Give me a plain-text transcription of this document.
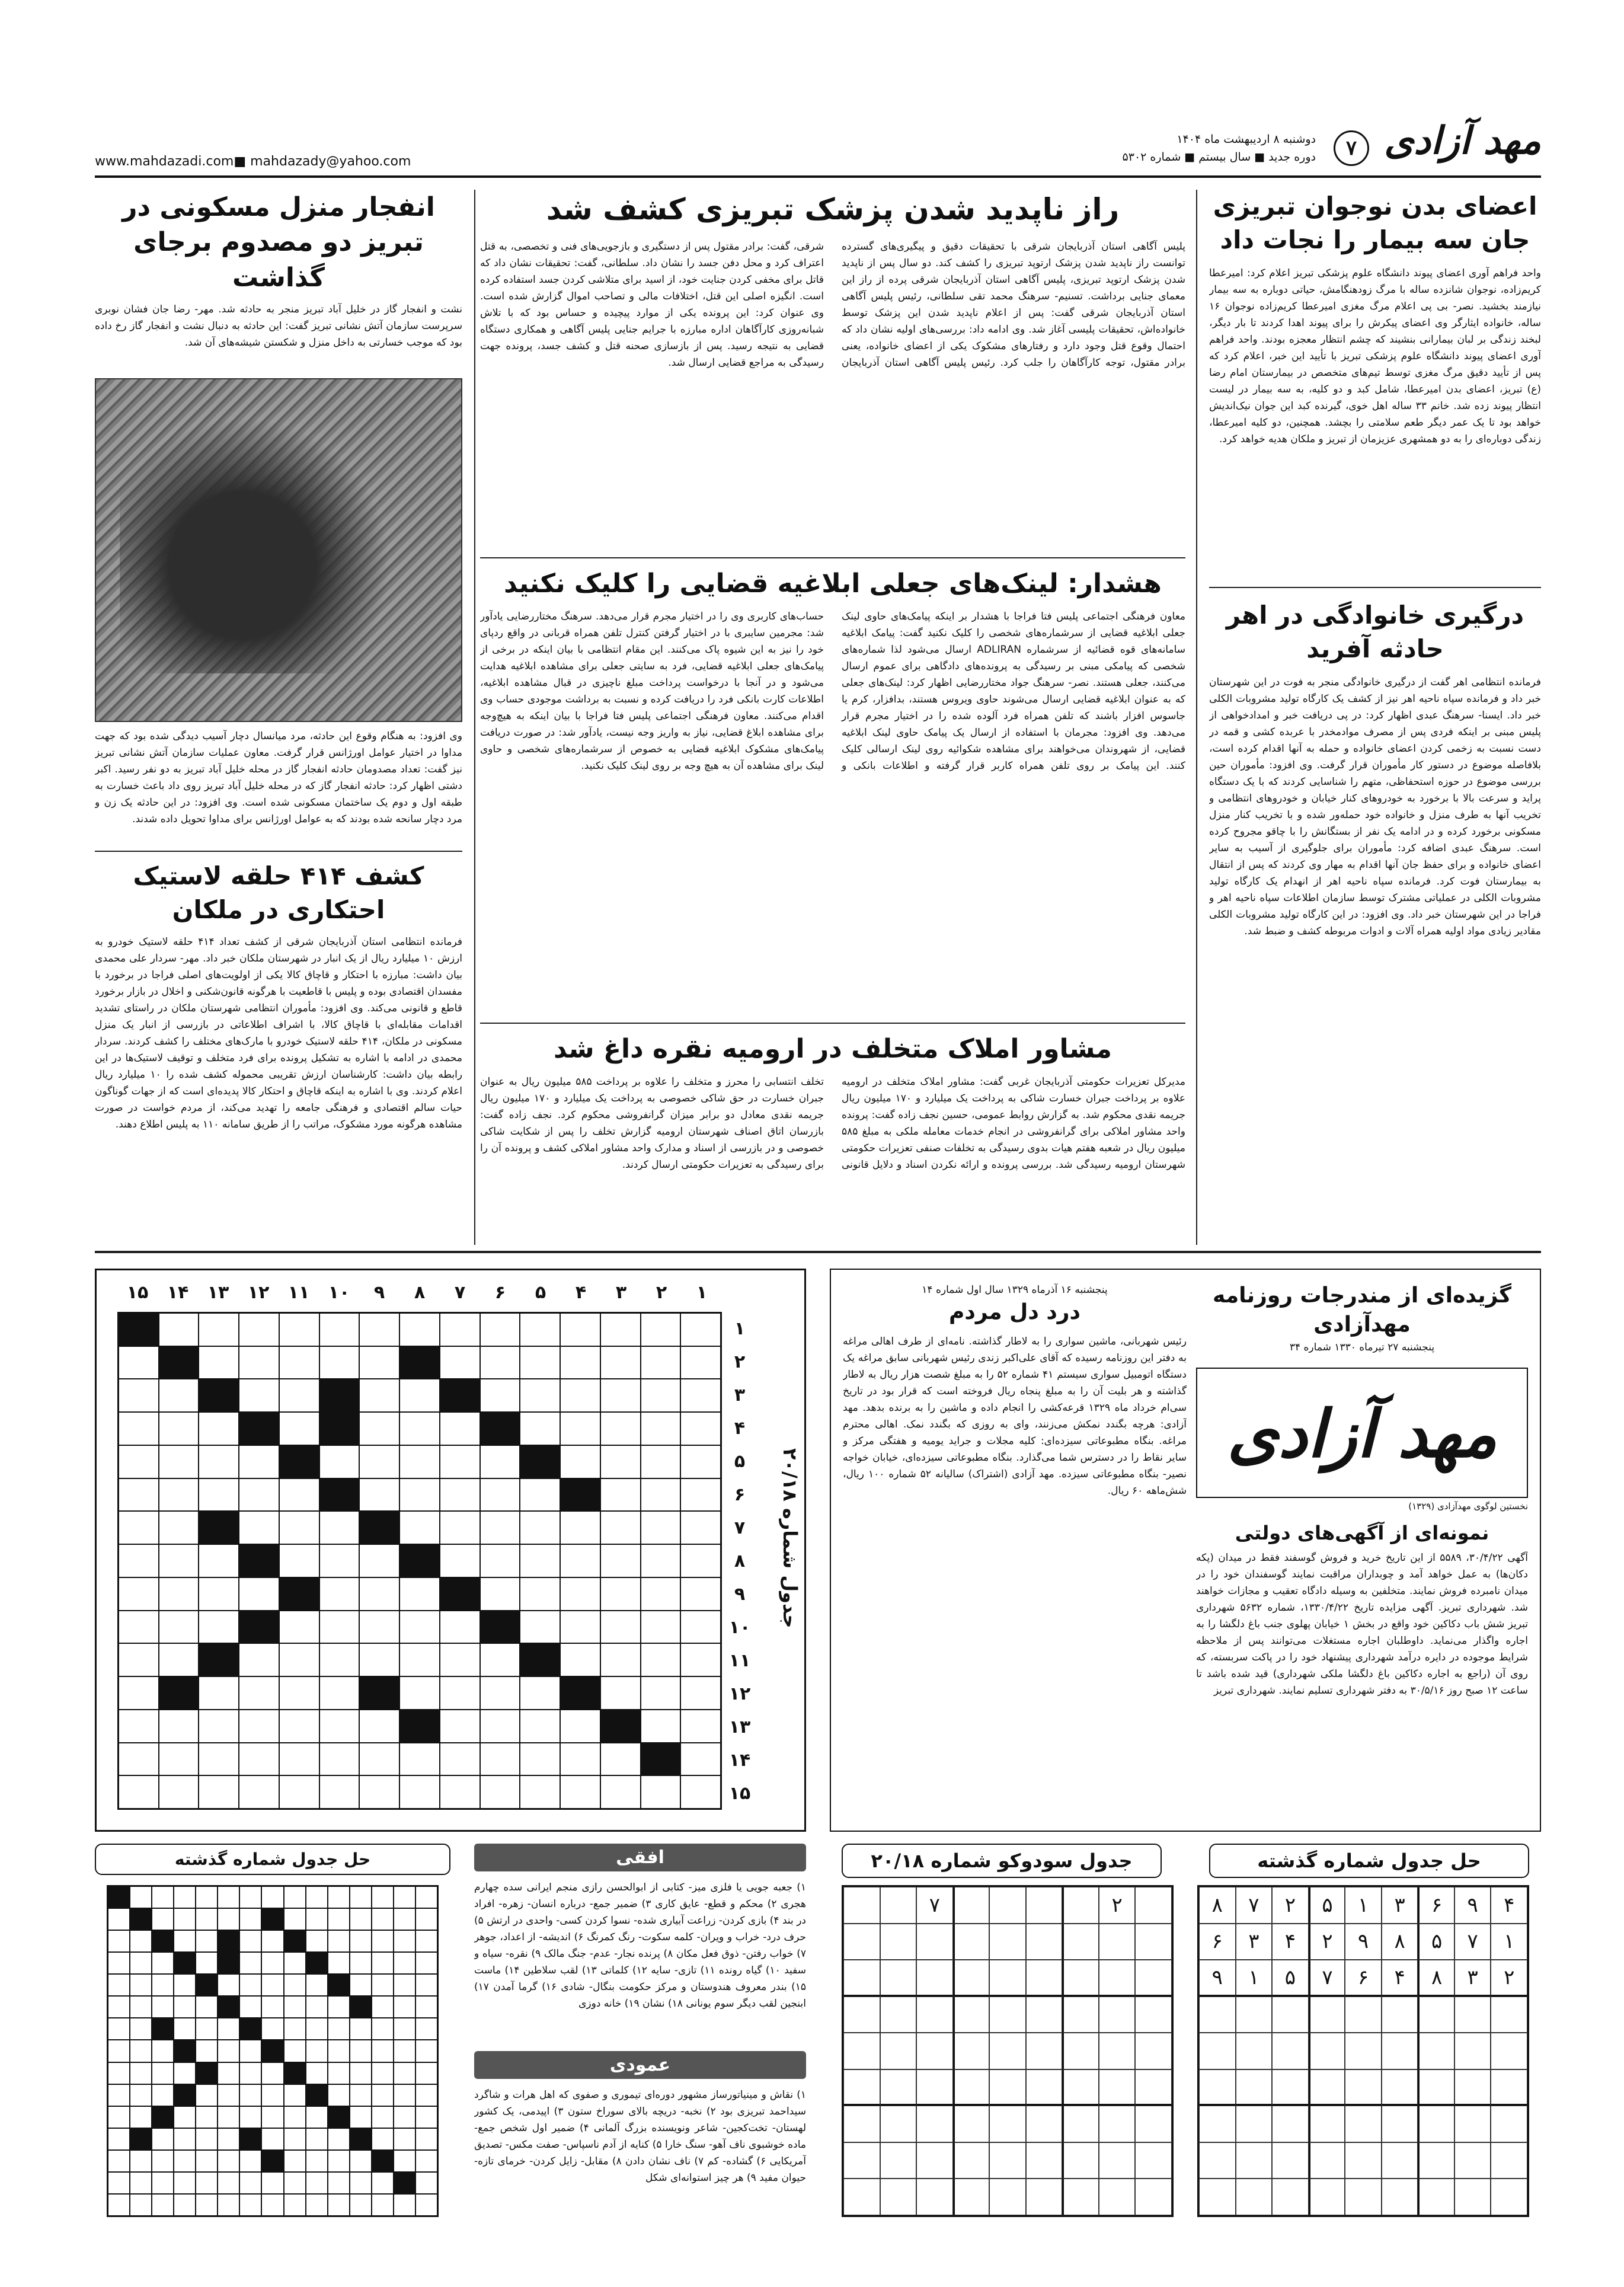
مهد آزادی
۷
دوشنبه ۸ اردیبهشت ماه ۱۴۰۴
دوره جدید ■ سال بیستم ■ شماره ۵۳۰۲
www.mahdazadi.com■ mahdazady@yahoo.com
اعضای بدن نوجوان تبریزی جان سه بیمار را نجات داد
واحد فراهم آوری اعضای پیوند دانشگاه علوم پزشکی تبریز اعلام کرد: امیرعطا کریم‌زاده، نوجوان شانزده ساله با مرگ زودهنگامش، حیاتی دوباره به سه بیمار نیازمند بخشید. نصر- بی پی اعلام مرگ مغزی امیرعطا کریم‌زاده نوجوان ۱۶ ساله، خانواده ایثارگر وی اعضای پیکرش را برای پیوند اهدا کردند تا بار دیگر، لبخند زندگی بر لبان بیمارانی بنشیند که چشم انتظار معجزه بودند. واحد فراهم آوری اعضای پیوند دانشگاه علوم پزشکی تبریز با تأیید این خبر، اعلام کرد که پس از تأیید دقیق مرگ مغزی توسط تیم‌های متخصص در بیمارستان امام رضا (ع) تبریز، اعضای بدن امیرعطا، شامل کبد و دو کلیه، به سه بیمار در لیست انتظار پیوند زده شد. خانم ۳۳ ساله اهل خوی، گیرنده کبد این جوان نیک‌اندیش خواهد بود تا یک عمر دیگر طعم سلامتی را بچشد. همچنین، دو کلیه امیرعطا، زندگی دوباره‌ای را به دو همشهری عزیزمان از تبریز و ملکان هدیه خواهد کرد.
درگیری خانوادگی در اهر حادثه آفرید
فرمانده انتظامی اهر گفت از درگیری خانوادگی منجر به فوت در این شهرستان خبر داد و فرمانده سپاه ناحیه اهر نیز از کشف یک کارگاه تولید مشروبات الکلی خبر داد. ایسنا- سرهنگ عبدی اظهار کرد: در پی دریافت خبر و امدادخواهی از پلیس مبنی بر اینکه فردی پس از مصرف موادمخدر با عربده کشی و قمه در دست نسبت به زخمی کردن اعضای خانواده و حمله به آنها اقدام کرده است، بلافاصله موضوع در دستور کار مأموران قرار گرفت. وی افزود: مأموران حین بررسی موضوع در حوزه استحفاظی، متهم را شناسایی کردند که با یک دستگاه پراید و سرعت بالا با برخورد به خودروهای کنار خیابان و خودروهای انتظامی و تخریب آنها به طرف منزل و خانواده خود حمله‌ور شده و با تخریب کنار منزل مسکونی برخورد کرده و در ادامه یک نفر از بستگانش را با چاقو مجروح کرده است. سرهنگ عبدی اضافه کرد: مأموران برای جلوگیری از آسیب به سایر اعضای خانواده و برای حفظ جان آنها اقدام به مهار وی کردند که پس از انتقال به بیمارستان فوت کرد. فرمانده سپاه ناحیه اهر از انهدام یک کارگاه تولید مشروبات الکلی در عملیاتی مشترک توسط سازمان اطلاعات سپاه ناحیه اهر و فراجا در این شهرستان خبر داد. وی افزود: در این کارگاه تولید مشروبات الکلی مقادیر زیادی مواد اولیه همراه آلات و ادوات مربوطه کشف و ضبط شد.
راز ناپدید شدن پزشک تبریزی کشف شد
پلیس آگاهی استان آذربایجان شرقی با تحقیقات دقیق و پیگیری‌های گسترده توانست راز ناپدید شدن پزشک ارتوپد تبریزی را کشف کند. دو سال پس از ناپدید شدن پزشک ارتوپد تبریزی، پلیس آگاهی استان آذربایجان شرقی پرده از راز این معمای جنایی برداشت. تسنیم- سرهنگ محمد تقی سلطانی، رئیس پلیس آگاهی استان آذربایجان شرقی گفت: پس از اعلام ناپدید شدن این پزشک توسط خانواده‌اش، تحقیقات پلیسی آغاز شد. وی ادامه داد: بررسی‌های اولیه نشان داد که احتمال وقوع قتل وجود دارد و رفتارهای مشکوک یکی از اعضای خانواده، یعنی برادر مقتول، توجه کارآگاهان را جلب کرد. رئیس پلیس آگاهی استان آذربایجان شرقی، گفت: برادر مقتول پس از دستگیری و بازجویی‌های فنی و تخصصی، به قتل اعتراف کرد و محل دفن جسد را نشان داد. سلطانی، گفت: تحقیقات نشان داد که قاتل برای مخفی کردن جنایت خود، از اسید برای متلاشی کردن جسد استفاده کرده است. انگیزه اصلی این قتل، اختلافات مالی و تصاحب اموال گزارش شده است. وی عنوان کرد: این پرونده یکی از موارد پیچیده و حساس بود که با تلاش شبانه‌روزی کارآگاهان اداره مبارزه با جرایم جنایی پلیس آگاهی و همکاری دستگاه قضایی به نتیجه رسید. پس از بازسازی صحنه قتل و کشف جسد، پرونده جهت رسیدگی به مراجع قضایی ارسال شد.
هشدار: لینک‌های جعلی ابلاغیه قضایی را کلیک نکنید
معاون فرهنگی اجتماعی پلیس فتا فراجا با هشدار بر اینکه پیامک‌های حاوی لینک جعلی ابلاغیه قضایی از سرشماره‌های شخصی را کلیک نکنید گفت: پیامک ابلاغیه سامانه‌های قوه قضائیه از سرشماره ADLIRAN ارسال می‌شود لذا شماره‌های شخصی که پیامکی مبنی بر رسیدگی به پرونده‌های دادگاهی برای عموم ارسال می‌کنند، جعلی هستند. نصر- سرهنگ جواد مختاررضایی اظهار کرد: لینک‌های جعلی که به عنوان ابلاغیه قضایی ارسال می‌شوند حاوی ویروس هستند، بدافزار، کرم یا جاسوس افزار باشند که تلفن همراه فرد آلوده شده را در اختیار مجرم قرار می‌دهد. وی افزود: مجرمان با استفاده از ارسال یک پیامک حاوی لینک ابلاغیه قضایی، از شهروندان می‌خواهند برای مشاهده شکوائیه روی لینک ارسالی کلیک کنند. این پیامک بر روی تلفن همراه کاربر قرار گرفته و اطلاعات بانکی و حساب‌های کاربری وی را در اختیار مجرم قرار می‌دهد. سرهنگ مختاررضایی یادآور شد: مجرمین سایبری با در اختیار گرفتن کنترل تلفن همراه قربانی در واقع ردپای خود را نیز به این شیوه پاک می‌کنند. این مقام انتظامی با بیان اینکه در برخی از پیامک‌های جعلی ابلاغیه قضایی، فرد به سایتی جعلی برای مشاهده ابلاغیه هدایت می‌شود و در آنجا با درخواست پرداخت مبلغ ناچیزی در قبال مشاهده ابلاغیه، اطلاعات کارت بانکی فرد را دریافت کرده و نسبت به برداشت موجودی حساب وی اقدام می‌کنند. معاون فرهنگی اجتماعی پلیس فتا فراجا با بیان اینکه به هیچ‌وجه برای مشاهده ابلاغ قضایی، نیاز به واریز وجه نیست، یادآور شد: در صورت دریافت پیامک‌های مشکوک ابلاغیه قضایی به خصوص از سرشماره‌های شخصی و حاوی لینک برای مشاهده آن به هیچ وجه بر روی لینک کلیک نکنید.
مشاور املاک متخلف در ارومیه نقره داغ شد
مدیرکل تعزیرات حکومتی آذربایجان غربی گفت: مشاور املاک متخلف در ارومیه علاوه بر پرداخت جبران خسارت شاکی به پرداخت یک میلیارد و ۱۷۰ میلیون ریال جریمه نقدی محکوم شد. به گزارش روابط عمومی، حسین نجف زاده گفت: پرونده واحد مشاور املاکی برای گرانفروشی در انجام خدمات معامله ملکی به مبلغ ۵۸۵ میلیون ریال در شعبه هفتم هیات بدوی رسیدگی به تخلفات صنفی تعزیرات حکومتی شهرستان ارومیه رسیدگی شد. بررسی پرونده و ارائه نکردن اسناد و دلایل قانونی تخلف انتسابی را محرز و متخلف را علاوه بر پرداخت ۵۸۵ میلیون ریال به عنوان جبران خسارت در حق شاکی خصوصی به پرداخت یک میلیارد و ۱۷۰ میلیون ریال جریمه نقدی معادل دو برابر میزان گرانفروشی محکوم کرد. نجف زاده گفت: بازرسان اتاق اصناف شهرستان ارومیه گزارش تخلف را پس از شکایت شاکی خصوصی و در بازرسی از اسناد و مدارک واحد مشاور املاکی کشف و پرونده آن را برای رسیدگی به تعزیرات حکومتی ارسال کردند.
انفجار منزل مسکونی در تبریز دو مصدوم برجای گذاشت
نشت و انفجار گاز در خلیل آباد تبریز منجر به حادثه شد. مهر- رضا جان فشان نوبری سرپرست سازمان آتش نشانی تبریز گفت: این حادثه به دنبال نشت و انفجار گاز رخ داده بود که موجب خسارتی به داخل منزل و شکستن شیشه‌های آن شد.
وی افزود: به هنگام وقوع این حادثه، مرد میانسال دچار آسیب دیدگی شده بود که جهت مداوا در اختیار عوامل اورژانس قرار گرفت. معاون عملیات سازمان آتش نشانی تبریز نیز گفت: تعداد مصدومان حادثه انفجار گاز در محله خلیل آباد تبریز به دو نفر رسید. اکبر دشتی اظهار کرد: حادثه انفجار گاز که در محله خلیل آباد تبریز روی داد باعث خسارت به طبقه اول و دوم یک ساختمان مسکونی شده است. وی افزود: در این حادثه یک زن و مرد دچار سانحه شده بودند که به عوامل اورژانس برای مداوا تحویل داده شدند.
کشف ۴۱۴ حلقه لاستیک احتکاری در ملکان
فرمانده انتظامی استان آذربایجان شرقی از کشف تعداد ۴۱۴ حلقه لاستیک خودرو به ارزش ۱۰ میلیارد ریال از یک انبار در شهرستان ملکان خبر داد. مهر- سردار علی محمدی بیان داشت: مبارزه با احتکار و قاچاق کالا یکی از اولویت‌های اصلی فراجا در برخورد با مفسدان اقتصادی بوده و پلیس با قاطعیت با هرگونه قانون‌شکنی و اخلال در بازار برخورد قاطع و قانونی می‌کند. وی افزود: مأموران انتظامی شهرستان ملکان در راستای تشدید اقدامات مقابله‌ای با قاچاق کالا، با اشراف اطلاعاتی در بازرسی از انبار یک منزل مسکونی در ملکان، ۴۱۴ حلقه لاستیک خودرو با مارک‌های مختلف را کشف کردند. سردار محمدی در ادامه با اشاره به تشکیل پرونده برای فرد متخلف و توقیف لاستیک‌ها در این رابطه بیان داشت: کارشناسان ارزش تقریبی محموله کشف شده را ۱۰ میلیارد ریال اعلام کردند. وی با اشاره به اینکه قاچاق و احتکار کالا پدیده‌ای است که از جهات گوناگون حیات سالم اقتصادی و فرهنگی جامعه را تهدید می‌کند، از مردم خواست در صورت مشاهده هرگونه مورد مشکوک، مراتب را از طریق سامانه ۱۱۰ به پلیس اطلاع دهند.
گزیده‌ای از مندرجات روزنامه مهدآزادی
پنجشنبه ۲۷ تیرماه ۱۳۳۰ شماره ۳۴
مهد آزادی
نخستین لوگوی مهدآزادی (۱۳۲۹)
نمونه‌ای از آگهی‌های دولتی
آگهی ۳۰/۴/۲۲، ۵۵۸۹ از این تاریخ خرید و فروش گوسفند فقط در میدان (پکه دکان‌ها) به عمل خواهد آمد و چوبداران مراقبت نمایند گوسفندان خود را در میدان نامبرده فروش نمایند. متخلفین به وسیله دادگاه تعقیب و مجازات خواهند شد. شهرداری تبریز. آگهی مزایده تاریخ ۱۳۳۰/۴/۲۲، شماره ۵۶۳۲ شهرداری تبریز شش باب دکاکین خود واقع در بخش ۱ خیابان پهلوی جنب باغ دلگشا را به اجاره واگذار می‌نماید. داوطلبان اجاره مستغلات می‌توانند پس از ملاحظه شرایط موجوده در دایره درآمد شهرداری پیشنهاد خود را در پاکت سربسته، که روی آن (راجع به اجاره دکاکین باغ دلگشا ملکی شهرداری) قید شده باشد تا ساعت ۱۲ صبح روز ۳۰/۵/۱۶ به دفتر شهرداری تسلیم نمایند. شهرداری تبریز
پنجشنبه ۱۶ آذرماه ۱۳۲۹ سال اول شماره ۱۴
درد دل مردم
رئیس شهربانی، ماشین سواری را به لاطار گذاشته. نامه‌ای از طرف اهالی مراغه به دفتر این روزنامه رسیده که آقای علی‌اکبر زندی رئیس شهربانی سابق مراغه یک دستگاه اتومبیل سواری سیستم ۴۱ شماره ۵۲ را به مبلغ شصت هزار ریال به لاطار گذاشته و هر بلیت آن را به مبلغ پنجاه ریال فروخته است که قرار بود در تاریخ سی‌ام خرداد ماه ۱۳۲۹ قرعه‌کشی را انجام داده و ماشین را به برنده بدهد. مهد آزادی: هرچه بگندد نمکش می‌زنند، وای به روزی که بگندد نمک. اهالی محترم مراغه. بنگاه مطبوعاتی سیزده‌ای: کلیه مجلات و جراید یومیه و هفتگی مرکز و سایر نقاط را در دسترس شما می‌گذارد. بنگاه مطبوعاتی سیزده‌ای، خیابان خواجه نصیر- بنگاه مطبوعاتی سیزده. مهد آزادی (اشتراک) سالیانه ۵۲ شماره ۱۰۰ ریال، شش‌ماهه ۶۰ ریال.
جدول شماره ۲۰/۱۸
۱
۲
۳
۴
۵
۶
۷
۸
۹
۱۰
۱۱
۱۲
۱۳
۱۴
۱۵
۱
۲
۳
۴
۵
۶
۷
۸
۹
۱۰
۱۱
۱۲
۱۳
۱۴
۱۵
افقی
۱) جعبه جویی یا فلزی میز- کتابی از ابوالحسن رازی منجم ایرانی سده چهارم هجری ۲) محکم و قطع- عایق کاری ۳) ضمیر جمع- درباره انسان- زهره- افراد در بند ۴) بازی کردن- زراعت آبیاری شده- نسوا کردن کسی- واحدی در ارتش ۵) حرف درد- خراب و ویران- کلمه سکوت- رنگ کمرنگ ۶) اندیشه- از اعداد، جوهر ۷) خواب رفتن- ذوق فعل مکان ۸) پرنده نجار- عدم- جنگ مالک ۹) نقره- سیاه و سفید ۱۰) گیاه رونده ۱۱) تازی- سایه ۱۲) کلماتی ۱۳) لقب سلاطین ۱۴) ماست ۱۵) بندر معروف هندوستان و مرکز حکومت بنگال- شادی ۱۶) گرما آمدن ۱۷) ابنجین لقب دیگر سوم یونانی ۱۸) نشان ۱۹) خانه دوزی
عمودی
۱) نقاش و مینیاتورساز مشهور دوره‌ای تیموری و صفوی که اهل هرات و شاگرد سیداحمد تبریزی بود ۲) نخبه- دریچه بالای سوراخ ستون ۳) اپیدمی، یک کشور لهستان- تخت‌کجین- شاعر ونویسنده بزرگ آلمانی ۴) ضمیر اول شخص جمع- ماده خوشبوی ناف آهو- سنگ خارا ۵) کنایه از آدم ناسپاس- صفت مکس- تصدیق آمریکایی ۶) گشاده- کم ۷) ناف نشان دادن ۸) مقابل- زایل کردن- خرمای تازه- حیوان مفید ۹) هر چیز استوانه‌ای شکل
حل جدول شماره گذشته	حل جدول شماره گذشته
۴
۹
۶
۳
۱
۵
۲
۷
۸
۱
۷
۵
۸
۹
۲
۴
۳
۶
۲
۳
۸
۴
۶
۷
۵
۱
۹
جدول سودوکو شماره ۲۰/۱۸
۲
۷
